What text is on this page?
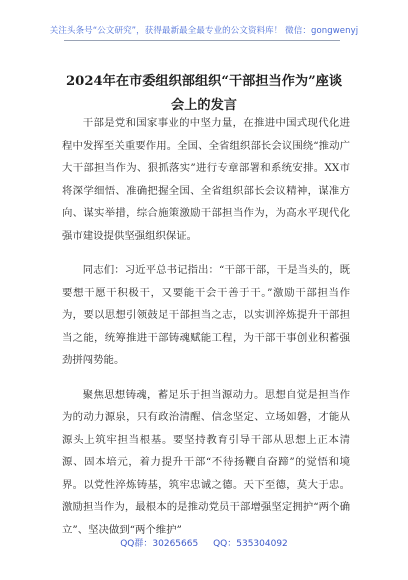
关注头条号“公文研究”，获得最新最全最专业的公文资料库！ 微信：gongwenyj
2024年在市委组织部组织“干部担当作为”座谈会上的发言

干部是党和国家事业的中坚力量，在推进中国式现代化进程中发挥至关重要作用。全国、全省组织部长会议围绕“推动广大干部担当作为、狠抓落实”进行专章部署和系统安排。XX市将深学细悟、准确把握全国、全省组织部长会议精神，谋准方向、谋实举措，综合施策激励干部担当作为，为高水平现代化强市建设提供坚强组织保证。

同志们：习近平总书记指出：“干部干部，干是当头的，既要想干愿干积极干，又要能干会干善于干。”激励干部担当作为，要以思想引领鼓足干部担当之志，以实训淬炼提升干部担当之能，统筹推进干部铸魂赋能工程，为干部干事创业积蓄强劲拼闯势能。

聚焦思想铸魂，蓄足乐于担当源动力。思想自觉是担当作为的动力源泉，只有政治清醒、信念坚定、立场如磐，才能从源头上筑牢担当根基。要坚持教育引导干部从思想上正本清源、固本培元，着力提升干部“不待扬鞭自奋蹄”的觉悟和境界。以党性淬炼铸基，筑牢忠诚之德。天下至德，莫大于忠。激励担当作为，最根本的是推动党员干部增强坚定拥护“两个确立”、坚决做到“两个维护”

QQ群：30265665 QQ：535304092
